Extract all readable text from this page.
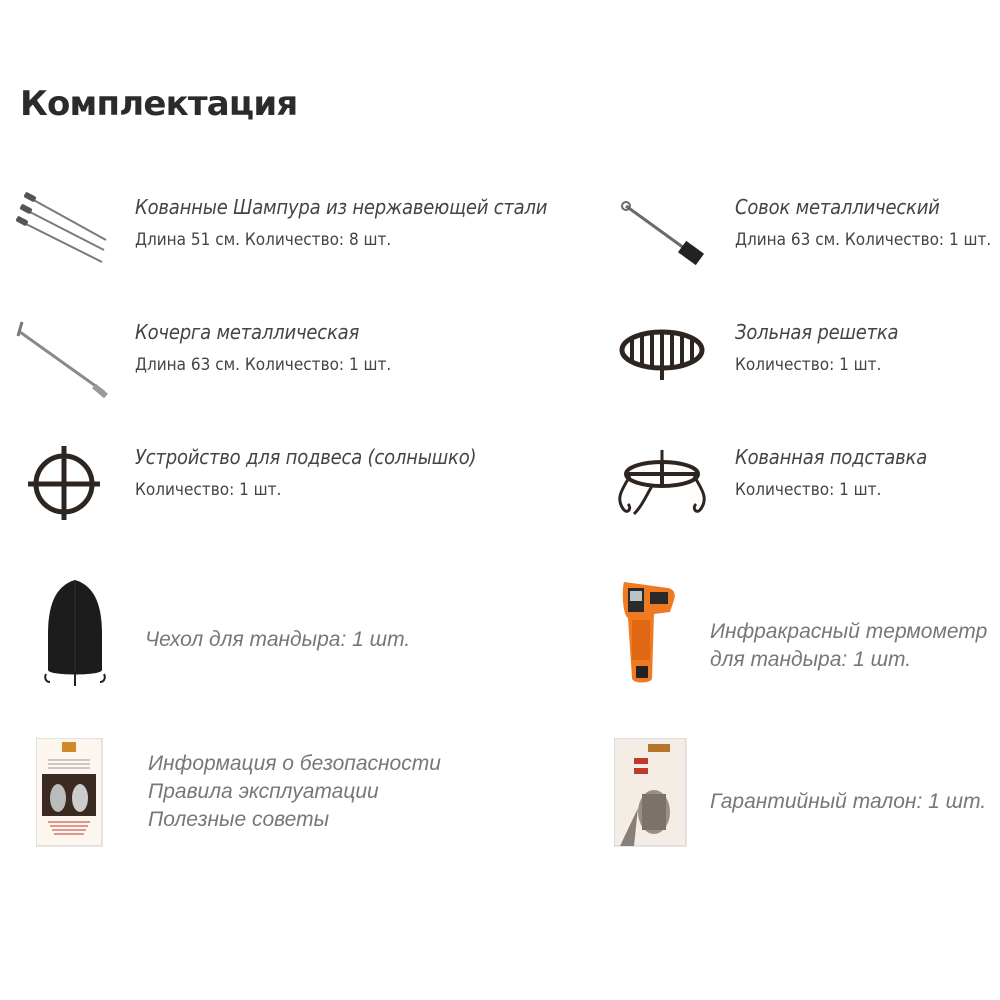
Комплектация
Кованные Шампура из нержавеющей стали
Длина 51 см. Количество: 8 шт.
Совок металлический
Длина 63 см. Количество: 1 шт.
Кочерга металлическая
Длина 63 см. Количество: 1 шт.
Зольная решетка
Количество: 1 шт.
Устройство для подвеса (солнышко)
Количество: 1 шт.
Кованная подставка
Количество: 1 шт.
Чехол для тандыра: 1 шт.	Инфракрасный термометр
для тандыра: 1 шт.
Информация о безопасности
Правила эксплуатации
Полезные советы
Гарантийный талон: 1 шт.
